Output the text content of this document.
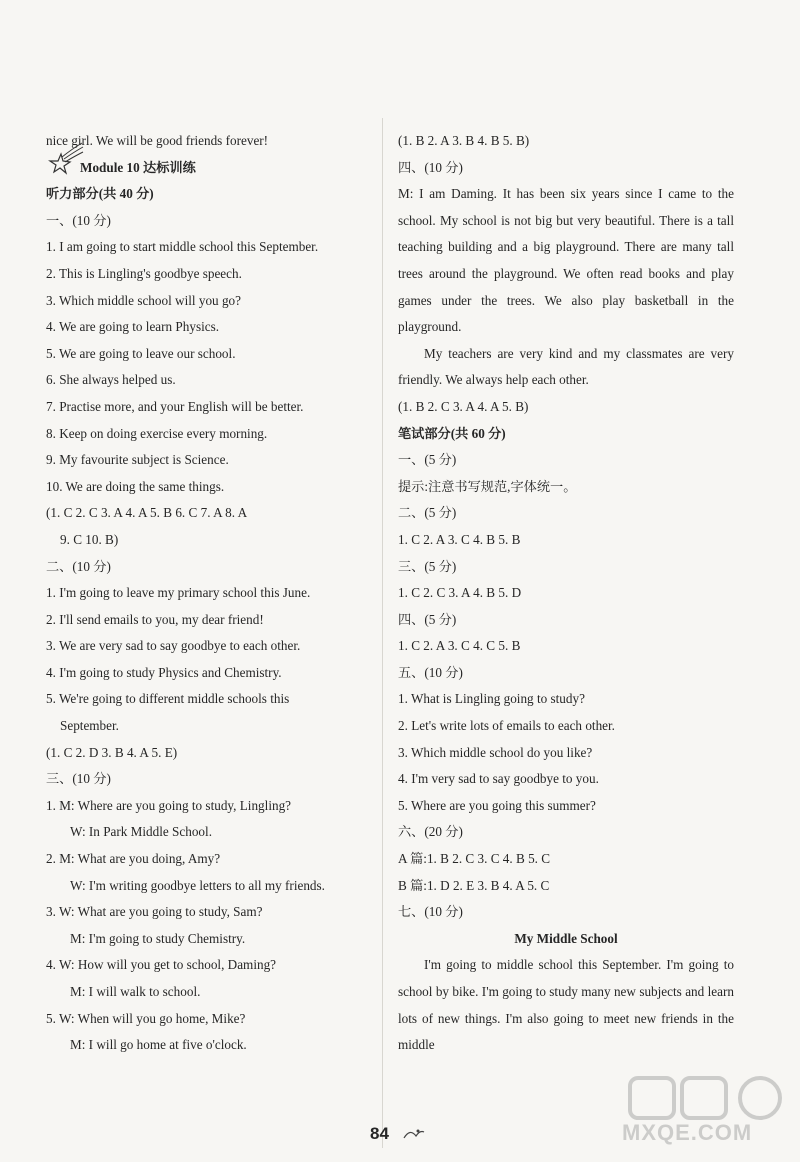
nice girl. We will be good friends forever!
Module 10 达标训练
听力部分(共 40 分)
一、(10 分)
1. I am going to start middle school this September.
2. This is Lingling's goodbye speech.
3. Which middle school will you go?
4. We are going to learn Physics.
5. We are going to leave our school.
6. She always helped us.
7. Practise more, and your English will be better.
8. Keep on doing exercise every morning.
9. My favourite subject is Science.
10. We are doing the same things.
(1. C 2. C 3. A 4. A 5. B 6. C 7. A 8. A
9. C 10. B)
二、(10 分)
1. I'm going to leave my primary school this June.
2. I'll send emails to you, my dear friend!
3. We are very sad to say goodbye to each other.
4. I'm going to study Physics and Chemistry.
5. We're going to different middle schools this
September.
(1. C 2. D 3. B 4. A 5. E)
三、(10 分)
1. M: Where are you going to study, Lingling?
W: In Park Middle School.
2. M: What are you doing, Amy?
W: I'm writing goodbye letters to all my friends.
3. W: What are you going to study, Sam?
M: I'm going to study Chemistry.
4. W: How will you get to school, Daming?
M: I will walk to school.
5. W: When will you go home, Mike?
M: I will go home at five o'clock.
(1. B 2. A 3. B 4. B 5. B)
四、(10 分)
M: I am Daming. It has been six years since I came to the school. My school is not big but very beautiful. There is a tall teaching building and a big playground. There are many tall trees around the playground. We often read books and play games under the trees. We also play basketball in the playground.
My teachers are very kind and my classmates are very friendly. We always help each other.
(1. B 2. C 3. A 4. A 5. B)
笔试部分(共 60 分)
一、(5 分)
提示:注意书写规范,字体统一。
二、(5 分)
1. C 2. A 3. C 4. B 5. B
三、(5 分)
1. C 2. C 3. A 4. B 5. D
四、(5 分)
1. C 2. A 3. C 4. C 5. B
五、(10 分)
1. What is Lingling going to study?
2. Let's write lots of emails to each other.
3. Which middle school do you like?
4. I'm very sad to say goodbye to you.
5. Where are you going this summer?
六、(20 分)
A 篇:1. B 2. C 3. C 4. B 5. C
B 篇:1. D 2. E 3. B 4. A 5. C
七、(10 分)
My Middle School
I'm going to middle school this September. I'm going to school by bike. I'm going to study many new subjects and learn lots of new things. I'm also going to meet new friends in the middle
84	MXQE.COM
